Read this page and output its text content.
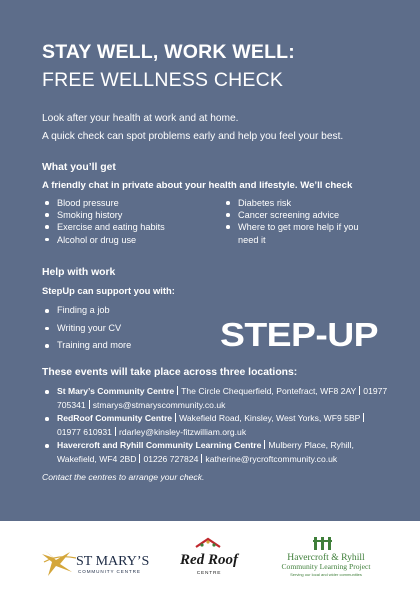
STAY WELL, WORK WELL:
FREE WELLNESS CHECK
Look after your health at work and at home.
A quick check can spot problems early and help you feel your best.
What you’ll get
A friendly chat in private about your health and lifestyle. We’ll check
Blood pressure
Smoking history
Exercise and eating habits
Alcohol or drug use
Diabetes risk
Cancer screening advice
Where to get more help if you need it
Help with work
StepUp can support you with:
Finding a job
Writing your CV
Training and more	STEP-UP
These events will take place across three locations:
St Mary’s Community Centre The Circle Chequerfield, Pontefract, WF8 2AY 01977 705341 stmarys@stmaryscommunity.co.uk
RedRoof Community Centre Wakefield Road, Kinsley, West Yorks, WF9 5BP01977 610931 rdarley@kinsley-fitzwilliam.org.uk
Havercroft and Ryhill Community Learning Centre Mulberry Place, Ryhill, Wakefield, WF4 2BD 01226 727824 katherine@rycroftcommunity.co.uk
Contact the centres to arrange your check.
ST MARY’S
COMMUNITY CENTRE
Red Roof
CENTRE
Havercroft & Ryhill
Community Learning Project
Serving our local and wider communities
